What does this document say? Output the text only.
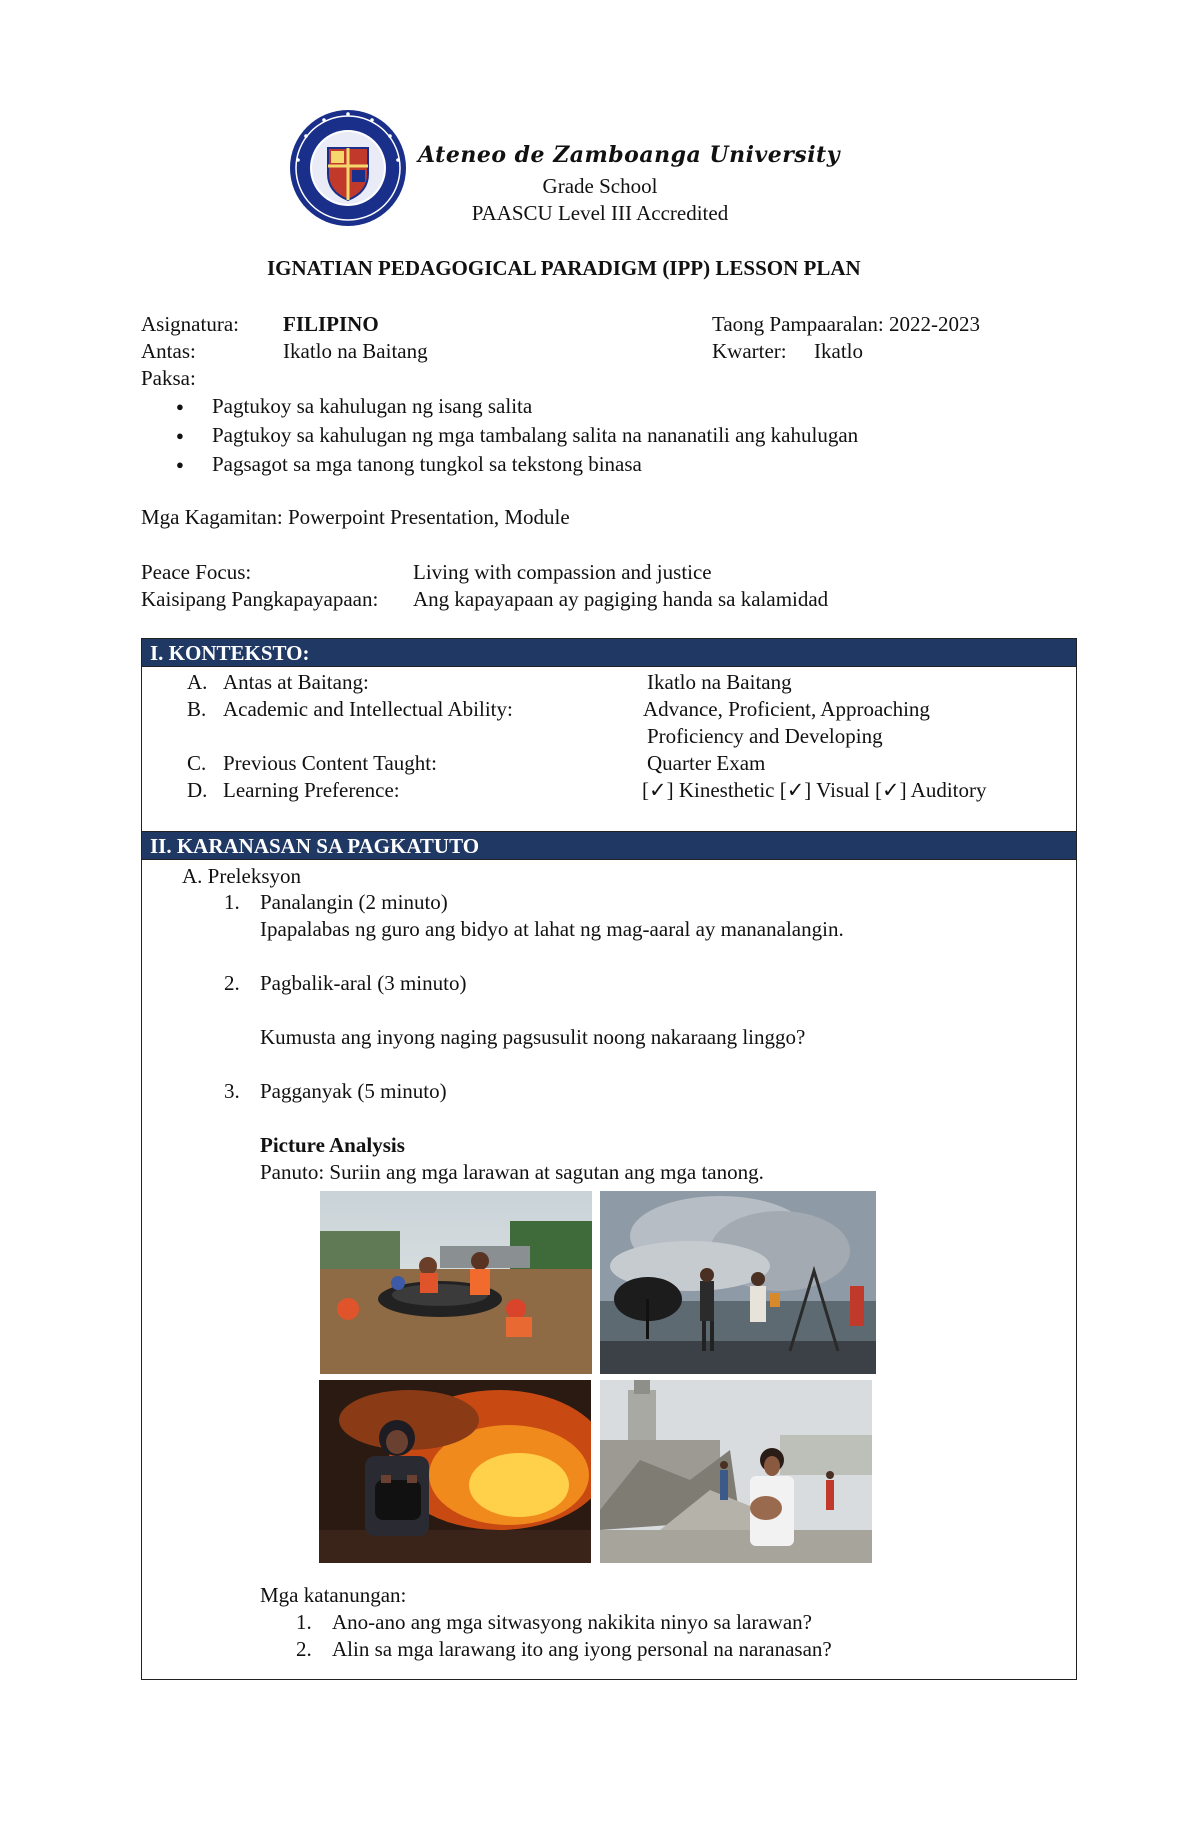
Ateneo de Zamboanga University
Grade School
PAASCU Level III Accredited
IGNATIAN PEDAGOGICAL PARADIGM (IPP) LESSON PLAN
Asignatura: FILIPINO	Taong Pampaaralan: 2022-2023
Antas:	Ikatlo na Baitang	Kwarter: Ikatlo
Paksa:
● Pagtukoy sa kahulugan ng isang salita
● Pagtukoy sa kahulugan ng mga tambalang salita na nananatili ang kahulugan
● Pagsagot sa mga tanong tungkol sa tekstong binasa
Mga Kagamitan: Powerpoint Presentation, Module
Peace Focus:	Living with compassion and justice
Kaisipang Pangkapayapaan: Ang kapayapaan ay pagiging handa sa kalamidad
I. KONTEKSTO:
A. Antas at Baitang:	Ikatlo na Baitang
B. Academic and Intellectual Ability:	Advance, Proficient, Approaching
Proficiency and Developing
C. Previous Content Taught:	Quarter Exam
D. Learning Preference:	[✓] Kinesthetic [✓] Visual [✓] Auditory
II. KARANASAN SA PAGKATUTO
A. Preleksyon
1. Panalangin (2 minuto)
Ipapalabas ng guro ang bidyo at lahat ng mag-aaral ay mananalangin.
2. Pagbalik-aral (3 minuto)
Kumusta ang inyong naging pagsusulit noong nakaraang linggo?
3. Pagganyak (5 minuto)
Picture Analysis
Panuto: Suriin ang mga larawan at sagutan ang mga tanong.
Mga katanungan:
1. Ano-ano ang mga sitwasyong nakikita ninyo sa larawan?
2. Alin sa mga larawang ito ang iyong personal na naranasan?
